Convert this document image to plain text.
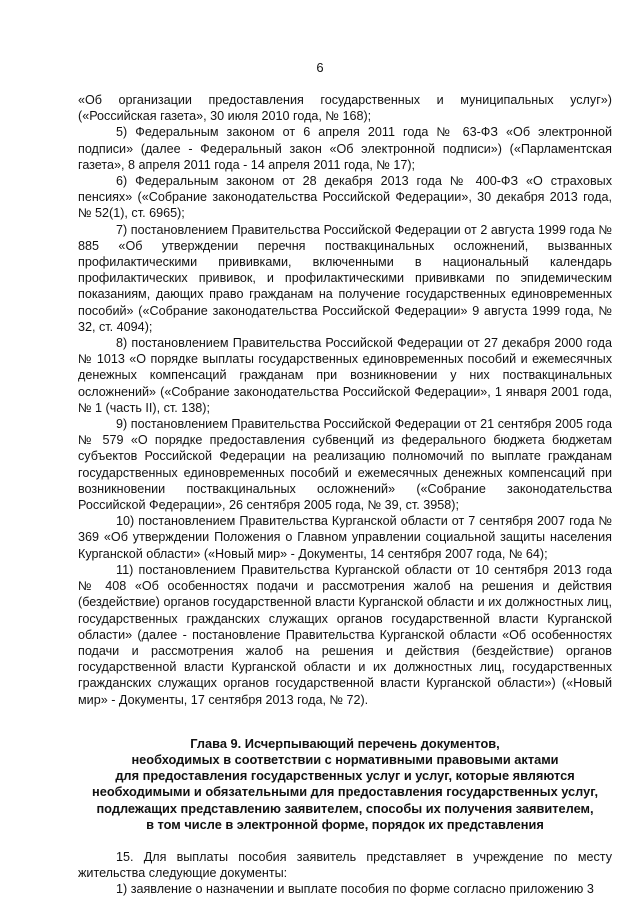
6

«Об организации предоставления государственных и муниципальных услуг») («Российская газета», 30 июля 2010 года, № 168);

5) Федеральным законом от 6 апреля 2011 года № 63-ФЗ «Об электронной подписи» (далее - Федеральный закон «Об электронной подписи») («Парламентская газета», 8 апреля 2011 года - 14 апреля 2011 года, № 17);

6) Федеральным законом от 28 декабря 2013 года № 400-ФЗ «О страховых пенсиях» («Собрание законодательства Российской Федерации», 30 декабря 2013 года, № 52(1), ст. 6965);

7) постановлением Правительства Российской Федерации от 2 августа 1999 года № 885 «Об утверждении перечня поствакцинальных осложнений, вызванных профилактическими прививками, включенными в национальный календарь профилактических прививок, и профилактическими прививками по эпидемическим показаниям, дающих право гражданам на получение государственных единовременных пособий» («Собрание законодательства Российской Федерации» 9 августа 1999 года, № 32, ст. 4094);

8) постановлением Правительства Российской Федерации от 27 декабря 2000 года № 1013 «О порядке выплаты государственных единовременных пособий и ежемесячных денежных компенсаций гражданам при возникновении у них поствакцинальных осложнений» («Собрание законодательства Российской Федерации», 1 января 2001 года, № 1 (часть II), ст. 138);

9) постановлением Правительства Российской Федерации от 21 сентября 2005 года № 579 «О порядке предоставления субвенций из федерального бюджета бюджетам субъектов Российской Федерации на реализацию полномочий по выплате гражданам государственных единовременных пособий и ежемесячных денежных компенсаций при возникновении поствакцинальных осложнений» («Собрание законодательства Российской Федерации», 26 сентября 2005 года, № 39, ст. 3958);

10) постановлением Правительства Курганской области от 7 сентября 2007 года № 369 «Об утверждении Положения о Главном управлении социальной защиты населения Курганской области» («Новый мир» - Документы, 14 сентября 2007 года, № 64);

11) постановлением Правительства Курганской области от 10 сентября 2013 года № 408 «Об особенностях подачи и рассмотрения жалоб на решения и действия (бездействие) органов государственной власти Курганской области и их должностных лиц, государственных гражданских служащих органов государственной власти Курганской области» (далее - постановление Правительства Курганской области «Об особенностях подачи и рассмотрения жалоб на решения и действия (бездействие) органов государственной власти Курганской области и их должностных лиц, государственных гражданских служащих органов государственной власти Курганской области») («Новый мир» - Документы, 17 сентября 2013 года, № 72).

Глава 9. Исчерпывающий перечень документов,
необходимых в соответствии с нормативными правовыми актами
для предоставления государственных услуг и услуг, которые являются
необходимыми и обязательными для предоставления государственных услуг,
подлежащих представлению заявителем, способы их получения заявителем,
в том числе в электронной форме, порядок их представления

15. Для выплаты пособия заявитель представляет в учреждение по месту жительства следующие документы:

1) заявление о назначении и выплате пособия по форме согласно приложению 3
